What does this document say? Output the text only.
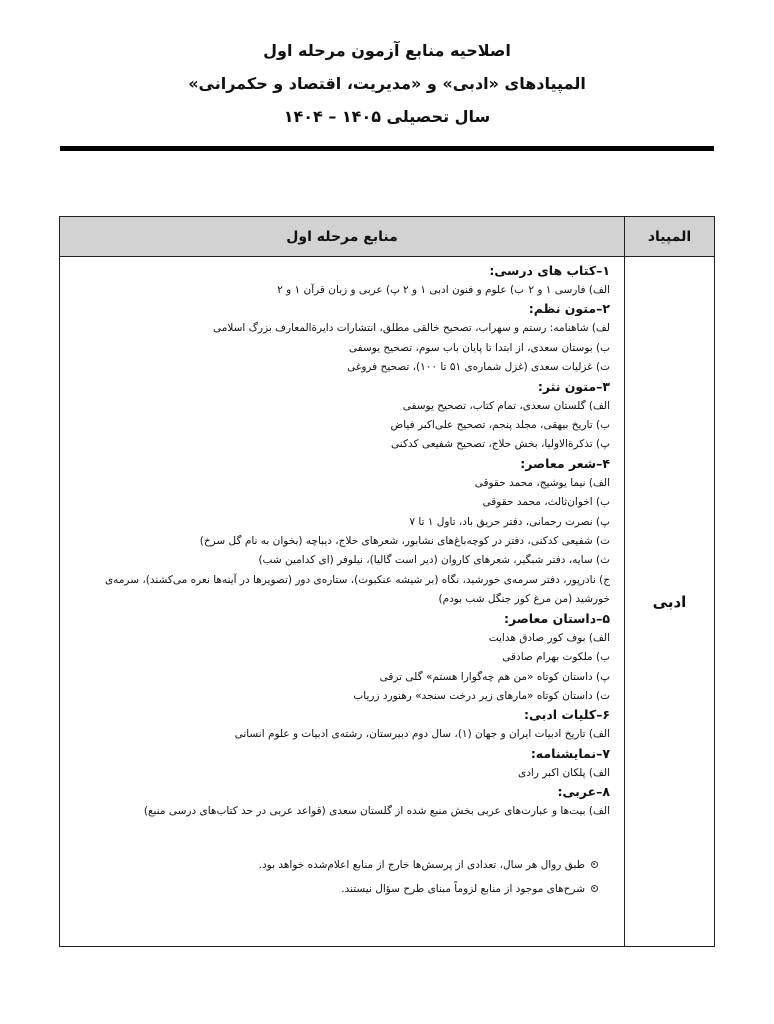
اصلاحیه منابع آزمون مرحله اول
المپیادهای «ادبی» و «مدیریت، اقتصاد و حکمرانی»
سال تحصیلی ۱۴۰۵ – ۱۴۰۴
المپیاد
منابع مرحله اول
ادبی
۱–کتاب های درسی:
الف) فارسی ۱ و ۲
ب) علوم و فنون ادبی ۱ و ۲
پ) عربی و زبان قرآن ۱ و ۲
۲–متون نظم:
لف) شاهنامه: رستم و سهراب، تصحیح خالقی مطلق، انتشارات دایرةالمعارف بزرگ اسلامی
ب) بوستان سعدی، از ابتدا تا پایان باب سوم، تصحیح یوسفی
ت) غزلیات سعدی (غزل شماره‌ی ۵۱ تا ۱۰۰)، تصحیح فروغی
۳–متون نثر:
الف) گلستان سعدی، تمام کتاب، تصحیح یوسفی
ب) تاریخ بیهقی، مجلد پنجم، تصحیح علی‌اکبر فیاض
پ) تذکرةالاولیا، بخش حلاج، تصحیح شفیعی کدکنی
۴–شعر معاصر:
الف) نیما یوشیج، محمد حقوقی
ب) اخوان‌ثالث، محمد حقوقی
پ) نصرت رحمانی، دفتر حریق باد، تاول ۱ تا ۷
ت) شفیعی کدکنی، دفتر در کوچه‌باغ‌های نشابور، شعرهای حلاج، دیباچه (بخوان به نام گل سرخ)
ث) سایه، دفتر شبگیر، شعرهای کاروان (دیر است گالیا)، نیلوفر (ای کدامین شب)
ج) نادرپور، دفتر سرمه‌ی خورشید، نگاه (بر شیشه عنکبوت)، ستاره‌ی دور (تصویرها در آینه‌ها نعره می‌کشند)، سرمه‌ی خورشید (من مرغ کور جنگل شب بودم)
۵–داستان معاصر:
الف) بوف کور صادق هدایت
ب) ملکوت بهرام صادقی
پ) داستان کوتاه «من هم چه‌گوارا هستم» گلی ترقی
ت) داستان کوتاه «مارهای زیر درخت سنجد» رهنورد زریاب
۶–کلیات ادبی:
الف) تاریخ ادبیات ایران و جهان (۱)، سال دوم دبیرستان، رشته‌ی ادبیات و علوم انسانی
۷–نمایشنامه:
الف) پلکان اکبر رادی
۸–عربی:
الف) بیت‌ها و عبارت‌های عربی بخش منبع شده از گلستان سعدی (قواعد عربی در حد کتاب‌های درسی منبع)
طبق روال هر سال، تعدادی از پرسش‌ها خارج از منابع اعلام‌شده خواهد بود.
شرح‌های موجود از منابع لزوماً مبنای طرح سؤال نیستند.
